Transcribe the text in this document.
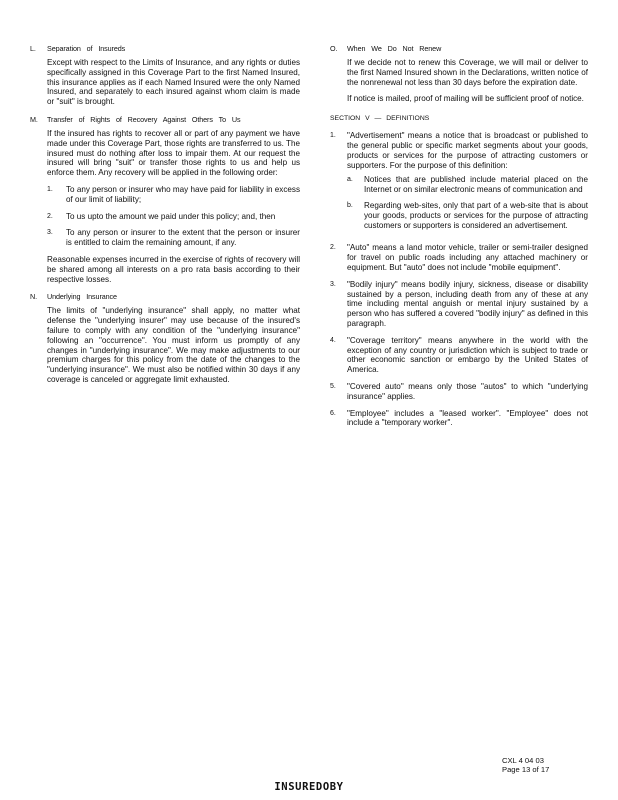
L.	Separation of Insureds

Except with respect to the Limits of Insurance, and any rights or duties specifically assigned in this Coverage Part to the first Named Insured, this insurance applies as if each Named Insured were the only Named Insured, and separately to each insured against whom claim is made or "suit" is brought.

M.	Transfer of Rights of Recovery Against Others To Us

If the insured has rights to recover all or part of any payment we have made under this Coverage Part, those rights are transferred to us. The insured must do nothing after loss to impair them. At our request the insured will bring "suit" or transfer those rights to us and help us enforce them. Any recovery will be applied in the following order:

1.	To any person or insurer who may have paid for liability in excess of our limit of liability;
2.	To us upto the amount we paid under this policy; and, then
3.	To any person or insurer to the extent that the person or insurer is entitled to claim the remaining amount, if any.

Reasonable expenses incurred in the exercise of rights of recovery will be shared among all interests on a pro rata basis according to their respective losses.

N.	Underlying Insurance

The limits of "underlying insurance" shall apply, no matter what defense the "underlying insurer" may use because of the insured's failure to comply with any condition of the "underlying insurance" following an "occurrence". You must inform us promptly of any changes in "underlying insurance". We may make adjustments to our premium charges for this policy from the date of the changes to the "underlying insurance". We must also be notified within 30 days if any coverage is canceled or aggregate limit exhausted.

O.	When We Do Not Renew

If we decide not to renew this Coverage, we will mail or deliver to the first Named Insured shown in the Declarations, written notice of the nonrenewal not less than 30 days before the expiration date.

If notice is mailed, proof of mailing will be sufficient proof of notice.

SECTION V — DEFINITIONS
1.	"Advertisement" means a notice that is broadcast or published to the general public or specific market segments about your goods, products or services for the purpose of attracting customers or supporters. For the purpose of this definition:
a.	Notices that are published include material placed on the Internet or on similar electronic means of communication and
b.	Regarding web-sites, only that part of a web-site that is about your goods, products or services for the purpose of attracting customers or supporters is considered an advertisement.
2.	"Auto" means a land motor vehicle, trailer or semi-trailer designed for travel on public roads including any attached machinery or equipment. But "auto" does not include "mobile equipment".
3.	"Bodily injury" means bodily injury, sickness, disease or disability sustained by a person, including death from any of these at any time including mental anguish or mental injury sustained by a person who has suffered a covered "bodily injury" as defined in this paragraph.
4.	"Coverage territory" means anywhere in the world with the exception of any country or jurisdiction which is subject to trade or other economic sanction or embargo by the United States of America.
5.	"Covered auto" means only those "autos" to which "underlying insurance" applies.
6.	"Employee" includes a "leased worker". "Employee" does not include a "temporary worker".
CXL 4 04 03
Page 13 of 17
INSUREDOBY
